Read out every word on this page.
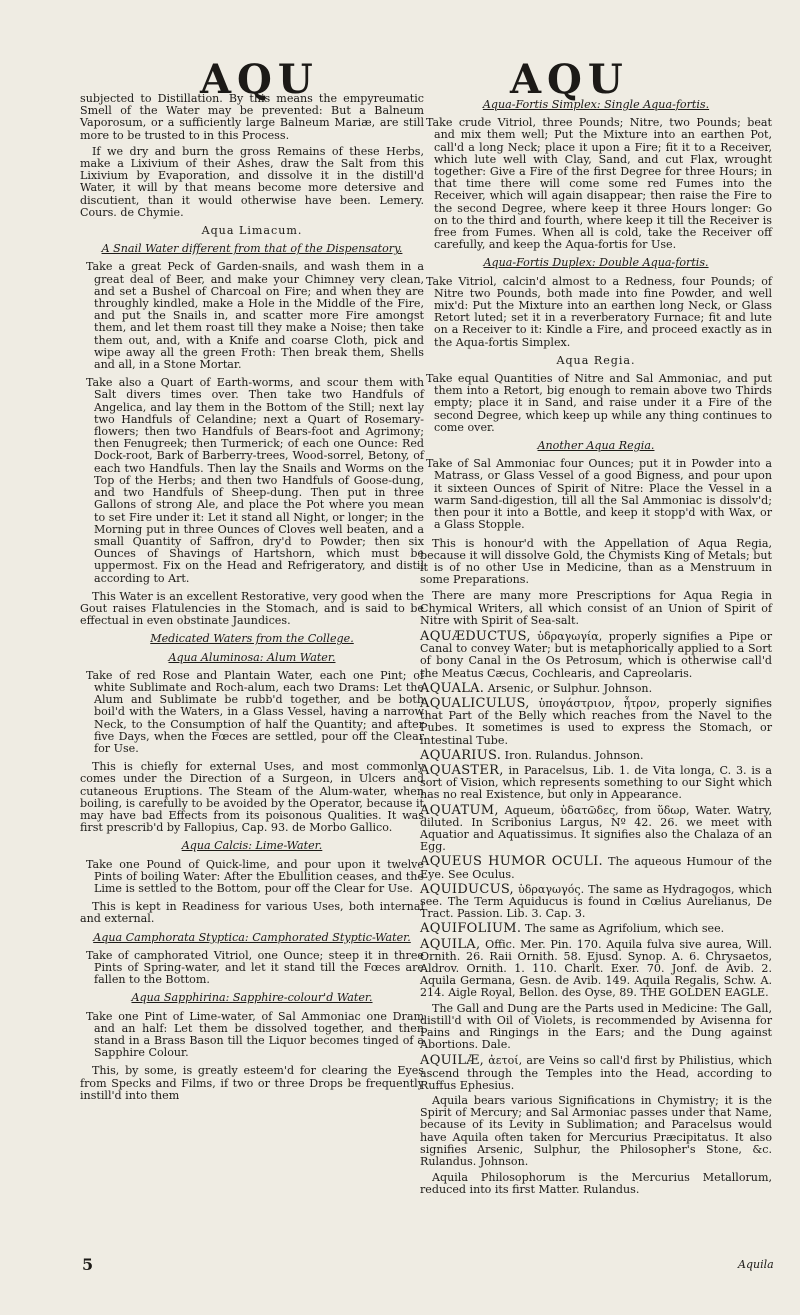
AQU	AQU

subjected to Distillation. By this means the empyreumatic Smell of the Water may be prevented: But a Balneum Vaporosum, or a sufficiently large Balneum Mariæ, are still more to be trusted to in this Process.

If we dry and burn the gross Remains of these Herbs, make a Lixivium of their Ashes, draw the Salt from this Lixivium by Evaporation, and dissolve it in the distill'd Water, it will by that means become more detersive and discutient, than it would otherwise have been. Lemery. Cours. de Chymie.

Aqua Limacum.

A Snail Water different from that of the Dispensatory.

Take a great Peck of Garden-snails, and wash them in a great deal of Beer, and make your Chimney very clean, and set a Bushel of Charcoal on Fire; and when they are throughly kindled, make a Hole in the Middle of the Fire, and put the Snails in, and scatter more Fire amongst them, and let them roast till they make a Noise; then take them out, and, with a Knife and coarse Cloth, pick and wipe away all the green Froth: Then break them, Shells and all, in a Stone Mortar.

Take also a Quart of Earth-worms, and scour them with Salt divers times over. Then take two Handfuls of Angelica, and lay them in the Bottom of the Still; next lay two Handfuls of Celandine; next a Quart of Rosemary-flowers; then two Handfuls of Bears-foot and Agrimony; then Fenugreek; then Turmerick; of each one Ounce: Red Dock-root, Bark of Barberry-trees, Wood-sorrel, Betony, of each two Handfuls. Then lay the Snails and Worms on the Top of the Herbs; and then two Handfuls of Goose-dung, and two Handfuls of Sheep-dung. Then put in three Gallons of strong Ale, and place the Pot where you mean to set Fire under it: Let it stand all Night, or longer; in the Morning put in three Ounces of Cloves well beaten, and a small Quantity of Saffron, dry'd to Powder; then six Ounces of Shavings of Hartshorn, which must be uppermost. Fix on the Head and Refrigeratory, and distil according to Art.

This Water is an excellent Restorative, very good when the Gout raises Flatulencies in the Stomach, and is said to be effectual in even obstinate Jaundices.

Medicated Waters from the College.

Aqua Aluminosa: Alum Water.

Take of red Rose and Plantain Water, each one Pint; of white Sublimate and Roch-alum, each two Drams: Let the Alum and Sublimate be rubb'd together, and be both boil'd with the Waters, in a Glass Vessel, having a narrow Neck, to the Consumption of half the Quantity; and after five Days, when the Fœces are settled, pour off the Clear for Use.

This is chiefly for external Uses, and most commonly comes under the Direction of a Surgeon, in Ulcers and cutaneous Eruptions. The Steam of the Alum-water, when boiling, is carefully to be avoided by the Operator, because it may have bad Effects from its poisonous Qualities. It was first prescrib'd by Fallopius, Cap. 93. de Morbo Gallico.

Aqua Calcis: Lime-Water.

Take one Pound of Quick-lime, and pour upon it twelve Pints of boiling Water: After the Ebullition ceases, and the Lime is settled to the Bottom, pour off the Clear for Use.

This is kept in Readiness for various Uses, both internal and external.

Aqua Camphorata Styptica: Camphorated Styptic-Water.

Take of camphorated Vitriol, one Ounce; steep it in three Pints of Spring-water, and let it stand till the Fœces are fallen to the Bottom.

Aqua Sapphirina: Sapphire-colour'd Water.

Take one Pint of Lime-water, of Sal Ammoniac one Dram and an half: Let them be dissolved together, and then stand in a Brass Bason till the Liquor becomes tinged of a Sapphire Colour.

This, by some, is greatly esteem'd for clearing the Eyes from Specks and Films, if two or three Drops be frequently instill'd into them

Aqua-Fortis Simplex: Single Aqua-fortis.

Take crude Vitriol, three Pounds; Nitre, two Pounds; beat and mix them well; Put the Mixture into an earthen Pot, call'd a long Neck; place it upon a Fire; fit it to a Receiver, which lute well with Clay, Sand, and cut Flax, wrought together: Give a Fire of the first Degree for three Hours; in that time there will come some red Fumes into the Receiver, which will again disappear; then raise the Fire to the second Degree, where keep it three Hours longer: Go on to the third and fourth, where keep it till the Receiver is free from Fumes. When all is cold, take the Receiver off carefully, and keep the Aqua-fortis for Use.

Aqua-Fortis Duplex: Double Aqua-fortis.

Take Vitriol, calcin'd almost to a Redness, four Pounds; of Nitre two Pounds, both made into fine Powder, and well mix'd: Put the Mixture into an earthen long Neck, or Glass Retort luted; set it in a reverberatory Furnace; fit and lute on a Receiver to it: Kindle a Fire, and proceed exactly as in the Aqua-fortis Simplex.

Aqua Regia.

Take equal Quantities of Nitre and Sal Ammoniac, and put them into a Retort, big enough to remain above two Thirds empty; place it in Sand, and raise under it a Fire of the second Degree, which keep up while any thing continues to come over.

Another Aqua Regia.

Take of Sal Ammoniac four Ounces; put it in Powder into a Matrass, or Glass Vessel of a good Bigness, and pour upon it sixteen Ounces of Spirit of Nitre: Place the Vessel in a warm Sand-digestion, till all the Sal Ammoniac is dissolv'd; then pour it into a Bottle, and keep it stopp'd with Wax, or a Glass Stopple.

This is honour'd with the Appellation of Aqua Regia, because it will dissolve Gold, the Chymists King of Metals; but it is of no other Use in Medicine, than as a Menstruum in some Preparations.

There are many more Prescriptions for Aqua Regia in Chymical Writers, all which consist of an Union of Spirit of Nitre with Spirit of Sea-salt.

AQUÆDUCTUS, ὑδραγωγία, properly signifies a Pipe or Canal to convey Water; but is metaphorically applied to a Sort of bony Canal in the Os Petrosum, which is otherwise call'd the Meatus Cæcus, Cochlearis, and Capreolaris.

AQUALA. Arsenic, or Sulphur. Johnson.

AQUALICULUS, ὑπογάστριον, ἦτρον, properly signifies that Part of the Belly which reaches from the Navel to the Pubes. It sometimes is used to express the Stomach, or intestinal Tube.

AQUARIUS. Iron. Rulandus. Johnson.

AQUASTER, in Paracelsus, Lib. 1. de Vita longa, C. 3. is a sort of Vision, which represents something to our Sight which has no real Existence, but only in Appearance.

AQUATUM, Aqueum, ὑδατῶδες, from ὕδωρ, Water. Watry, diluted. In Scribonius Largus, Nº 42. 26. we meet with Aquatior and Aquatissimus. It signifies also the Chalaza of an Egg.

AQUEUS HUMOR OCULI. The aqueous Humour of the Eye. See Oculus.

AQUIDUCUS, ὑδραγωγός. The same as Hydragogos, which see. The Term Aquiducus is found in Cœlius Aurelianus, De Tract. Passion. Lib. 3. Cap. 3.

AQUIFOLIUM. The same as Agrifolium, which see.

AQUILA, Offic. Mer. Pin. 170. Aquila fulva sive aurea, Will. Ornith. 26. Raii Ornith. 58. Ejusd. Synop. A. 6. Chrysaetos, Aldrov. Ornith. 1. 110. Charlt. Exer. 70. Jonf. de Avib. 2. Aquila Germana, Gesn. de Avib. 149. Aquila Regalis, Schw. A. 214. Aigle Royal, Bellon. des Oyse, 89. THE GOLDEN EAGLE.

The Gall and Dung are the Parts used in Medicine: The Gall, distill'd with Oil of Violets, is recommended by Avisenna for Pains and Ringings in the Ears; and the Dung against Abortions. Dale.

AQUILÆ, ἀετοί, are Veins so call'd first by Philistius, which ascend through the Temples into the Head, according to Ruffus Ephesius.

Aquila bears various Significations in Chymistry; it is the Spirit of Mercury; and Sal Armoniac passes under that Name, because of its Levity in Sublimation; and Paracelsus would have Aquila often taken for Mercurius Præcipitatus. It also signifies Arsenic, Sulphur, the Philosopher's Stone, &c. Rulandus. Johnson.

Aquila Philosophorum is the Mercurius Metallorum, reduced into its first Matter. Rulandus.

5	Aquila
